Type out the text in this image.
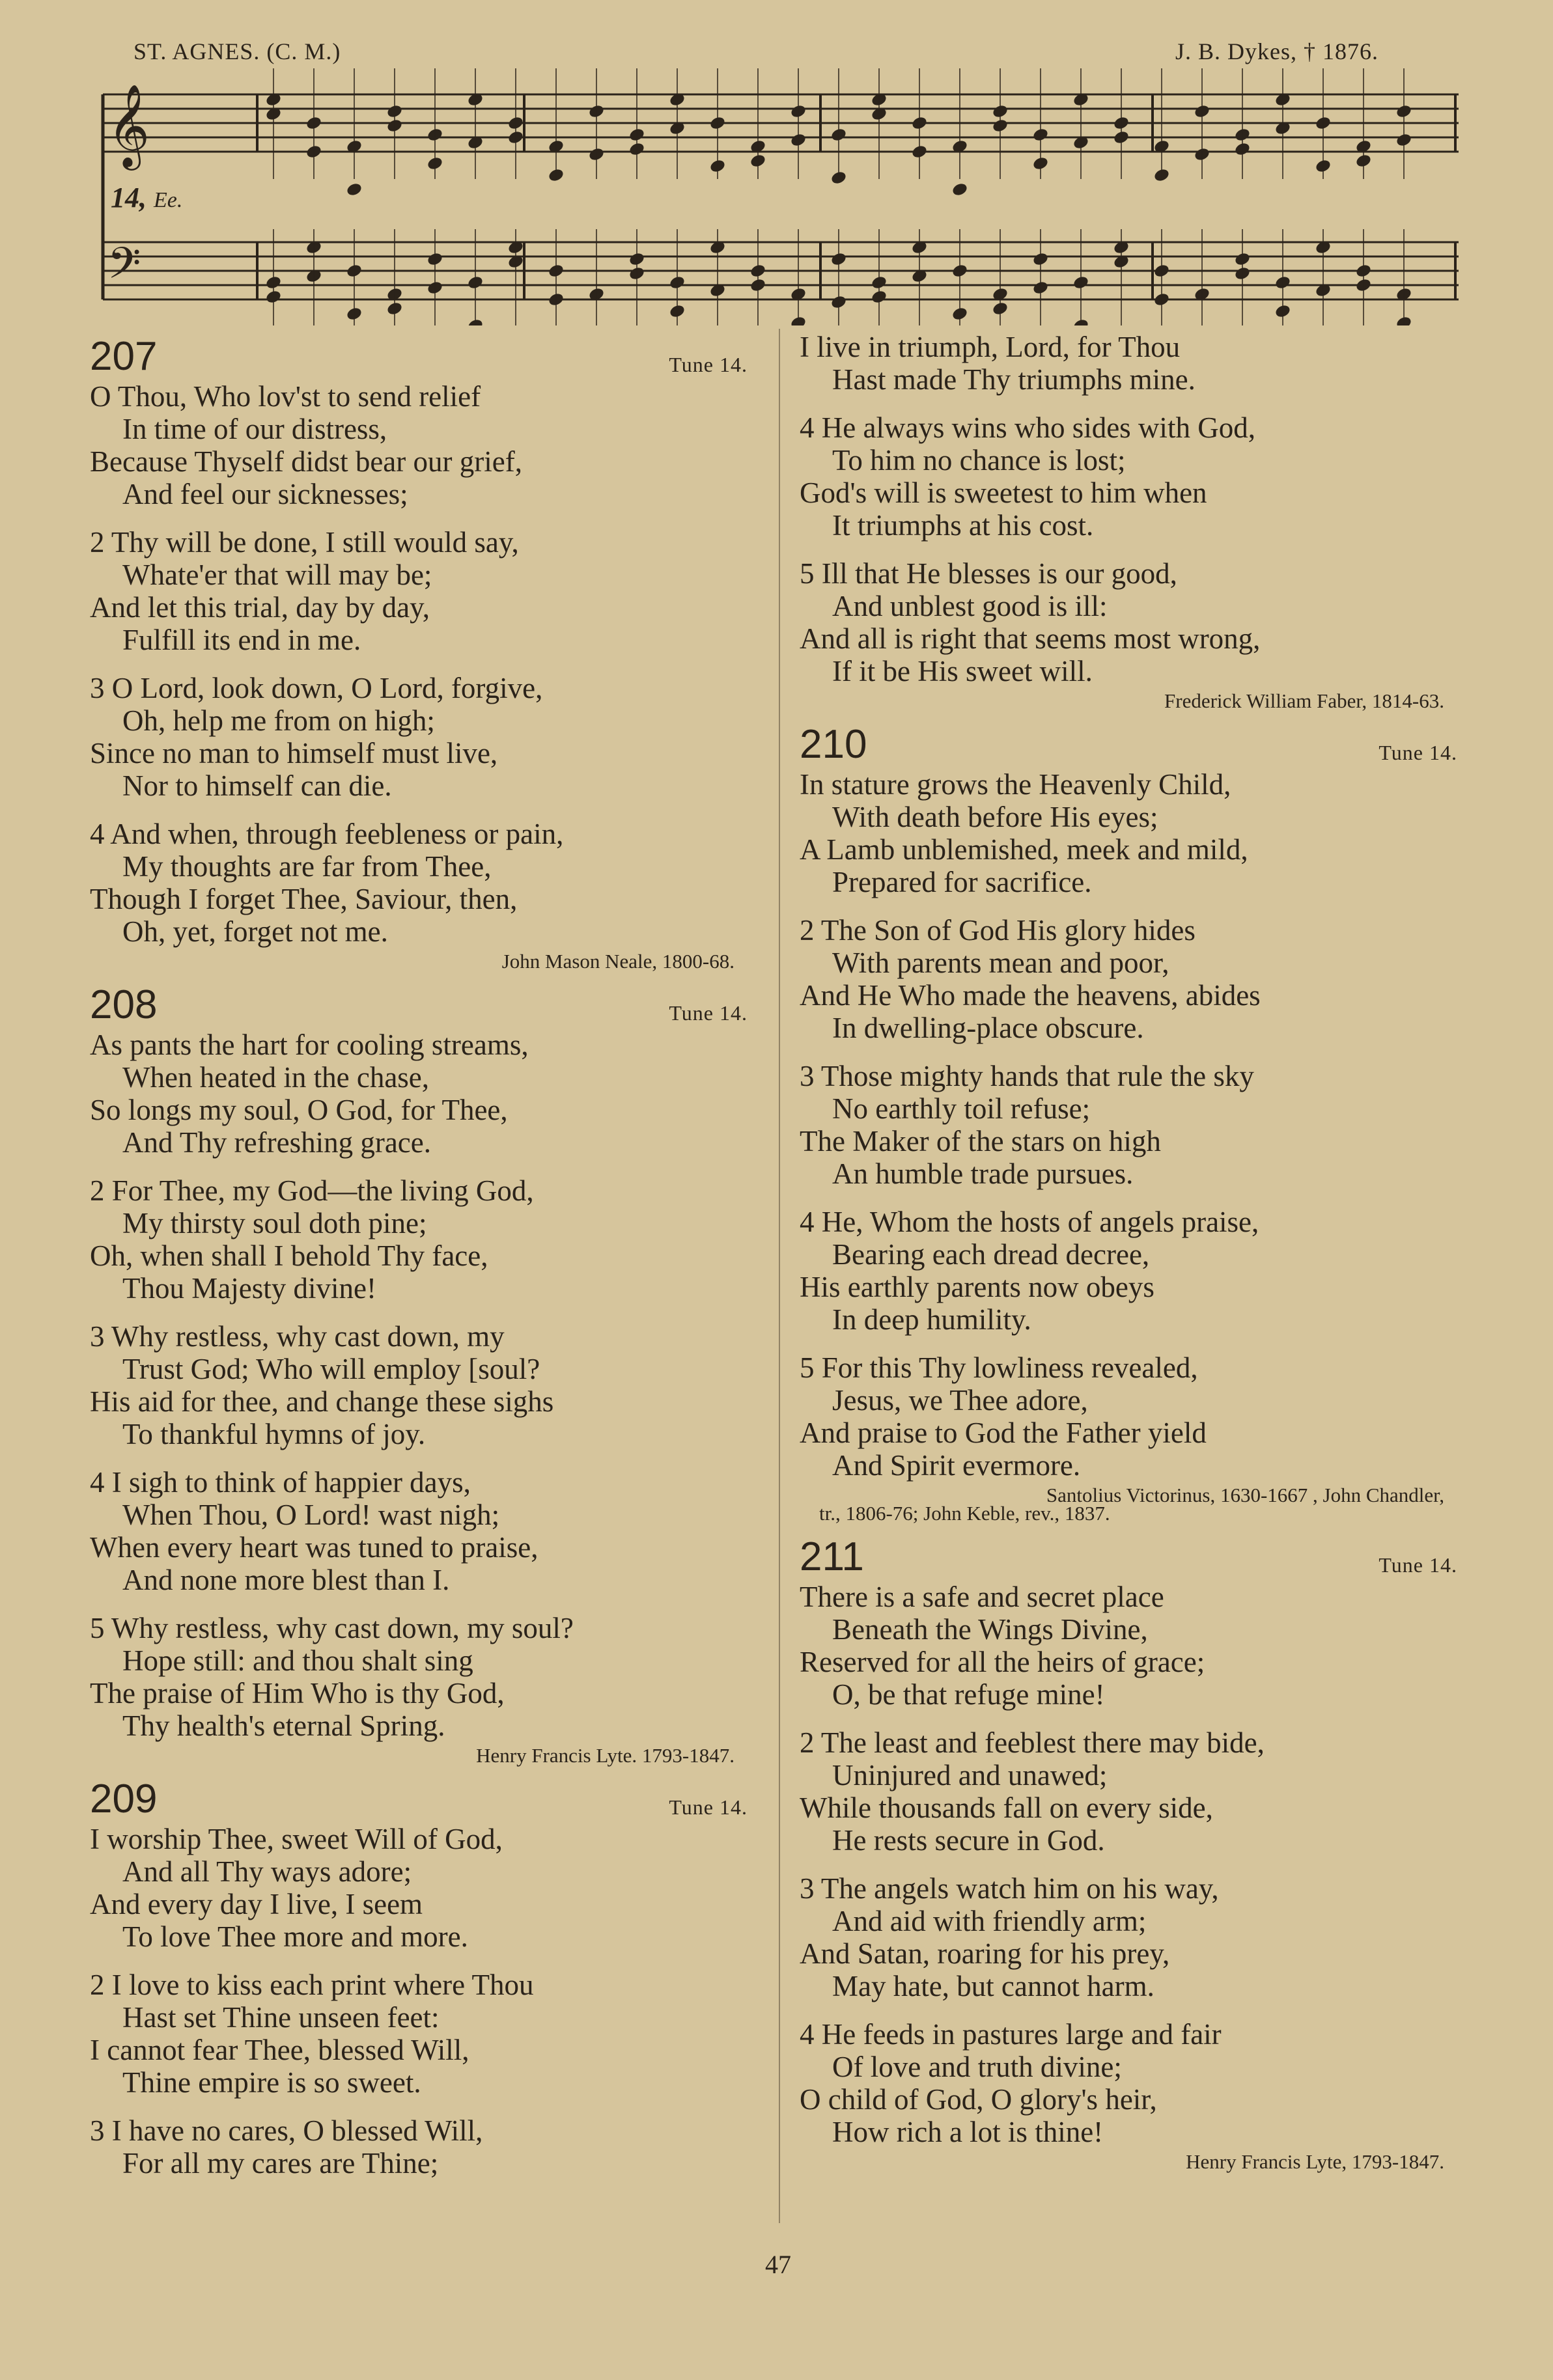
ST. AGNES. (C. M.)	J. B. Dykes, † 1876.
𝄞
𝄢
14, Ee.
207	Tune 14.
O Thou, Who lov'st to send relief
In time of our distress,
Because Thyself didst bear our grief,
And feel our sicknesses;
2 Thy will be done, I still would say,
Whate'er that will may be;
And let this trial, day by day,
Fulfill its end in me.
3 O Lord, look down, O Lord, forgive,
Oh, help me from on high;
Since no man to himself must live,
Nor to himself can die.
4 And when, through feebleness or pain,
My thoughts are far from Thee,
Though I forget Thee, Saviour, then,
Oh, yet, forget not me.
John Mason Neale, 1800-68.
208	Tune 14.
As pants the hart for cooling streams,
When heated in the chase,
So longs my soul, O God, for Thee,
And Thy refreshing grace.
2 For Thee, my God—the living God,
My thirsty soul doth pine;
Oh, when shall I behold Thy face,
Thou Majesty divine!
3 Why restless, why cast down, my
Trust God; Who will employ [soul?
His aid for thee, and change these sighs
To thankful hymns of joy.
4 I sigh to think of happier days,
When Thou, O Lord! wast nigh;
When every heart was tuned to praise,
And none more blest than I.
5 Why restless, why cast down, my soul?
Hope still: and thou shalt sing
The praise of Him Who is thy God,
Thy health's eternal Spring.
Henry Francis Lyte. 1793-1847.
209	Tune 14.
I worship Thee, sweet Will of God,
And all Thy ways adore;
And every day I live, I seem
To love Thee more and more.
2 I love to kiss each print where Thou
Hast set Thine unseen feet:
I cannot fear Thee, blessed Will,
Thine empire is so sweet.
3 I have no cares, O blessed Will,
For all my cares are Thine;
I live in triumph, Lord, for Thou
Hast made Thy triumphs mine.
4 He always wins who sides with God,
To him no chance is lost;
God's will is sweetest to him when
It triumphs at his cost.
5 Ill that He blesses is our good,
And unblest good is ill:
And all is right that seems most wrong,
If it be His sweet will.
Frederick William Faber, 1814-63.
210	Tune 14.
In stature grows the Heavenly Child,
With death before His eyes;
A Lamb unblemished, meek and mild,
Prepared for sacrifice.
2 The Son of God His glory hides
With parents mean and poor,
And He Who made the heavens, abides
In dwelling-place obscure.
3 Those mighty hands that rule the sky
No earthly toil refuse;
The Maker of the stars on high
An humble trade pursues.
4 He, Whom the hosts of angels praise,
Bearing each dread decree,
His earthly parents now obeys
In deep humility.
5 For this Thy lowliness revealed,
Jesus, we Thee adore,
And praise to God the Father yield
And Spirit evermore.
Santolius Victorinus, 1630-1667 , John Chandler,
tr., 1806-76; John Keble, rev., 1837.
211	Tune 14.
There is a safe and secret place
Beneath the Wings Divine,
Reserved for all the heirs of grace;
O, be that refuge mine!
2 The least and feeblest there may bide,
Uninjured and unawed;
While thousands fall on every side,
He rests secure in God.
3 The angels watch him on his way,
And aid with friendly arm;
And Satan, roaring for his prey,
May hate, but cannot harm.
4 He feeds in pastures large and fair
Of love and truth divine;
O child of God, O glory's heir,
How rich a lot is thine!
Henry Francis Lyte, 1793-1847.
47
